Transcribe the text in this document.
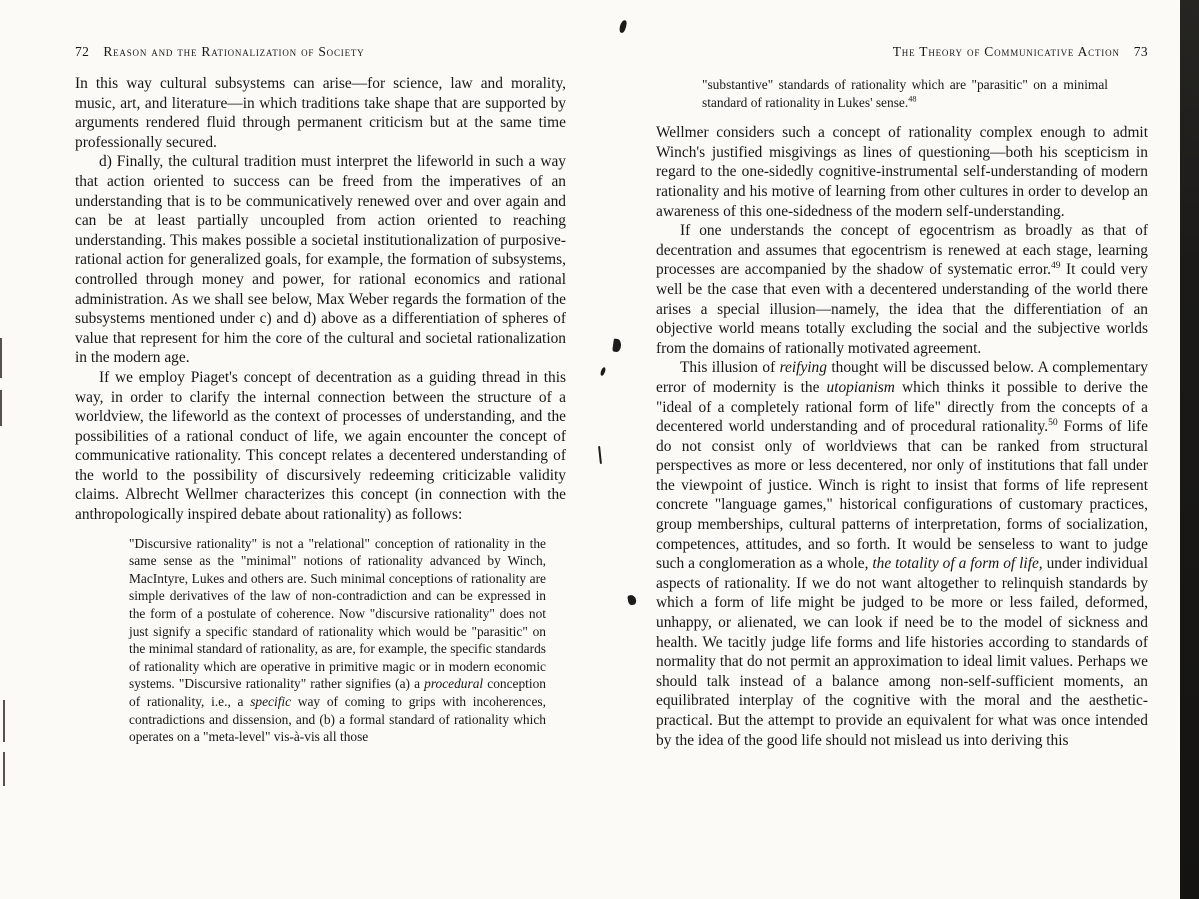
72 Reason and the Rationalization of Society

In this way cultural subsystems can arise—for science, law and morality, music, art, and literature—in which traditions take shape that are supported by arguments rendered fluid through permanent criticism but at the same time professionally secured.

d) Finally, the cultural tradition must interpret the lifeworld in such a way that action oriented to success can be freed from the imperatives of an understanding that is to be communicatively renewed over and over again and can be at least partially uncoupled from action oriented to reaching understanding. This makes possible a societal institutionalization of purposive-rational action for generalized goals, for example, the formation of subsystems, controlled through money and power, for rational economics and rational administration. As we shall see below, Max Weber regards the formation of the subsystems mentioned under c) and d) above as a differentiation of spheres of value that represent for him the core of the cultural and societal rationalization in the modern age.

If we employ Piaget's concept of decentration as a guiding thread in this way, in order to clarify the internal connection between the structure of a worldview, the lifeworld as the context of processes of understanding, and the possibilities of a rational conduct of life, we again encounter the concept of communicative rationality. This concept relates a decentered understanding of the world to the possibility of discursively redeeming criticizable validity claims. Albrecht Wellmer characterizes this concept (in connection with the anthropologically inspired debate about rationality) as follows:

"Discursive rationality" is not a "relational" conception of rationality in the same sense as the "minimal" notions of rationality advanced by Winch, MacIntyre, Lukes and others are. Such minimal conceptions of rationality are simple derivatives of the law of non-contradiction and can be expressed in the form of a postulate of coherence. Now "discursive rationality" does not just signify a specific standard of rationality which would be "parasitic" on the minimal standard of rationality, as are, for example, the specific standards of rationality which are operative in primitive magic or in modern economic systems. "Discursive rationality" rather signifies (a) a procedural conception of rationality, i.e., a specific way of coming to grips with incoherences, contradictions and dissension, and (b) a formal standard of rationality which operates on a "meta-level" vis-à-vis all those

The Theory of Communicative Action 73

"substantive" standards of rationality which are "parasitic" on a minimal standard of rationality in Lukes' sense.$^{48}$

Wellmer considers such a concept of rationality complex enough to admit Winch's justified misgivings as lines of questioning—both his scepticism in regard to the one-sidedly cognitive-instrumental self-understanding of modern rationality and his motive of learning from other cultures in order to develop an awareness of this one-sidedness of the modern self-understanding.

If one understands the concept of egocentrism as broadly as that of decentration and assumes that egocentrism is renewed at each stage, learning processes are accompanied by the shadow of systematic error.$^{49}$ It could very well be the case that even with a decentered understanding of the world there arises a special illusion—namely, the idea that the differentiation of an objective world means totally excluding the social and the subjective worlds from the domains of rationally motivated agreement.

This illusion of reifying thought will be discussed below. A complementary error of modernity is the utopianism which thinks it possible to derive the "ideal of a completely rational form of life" directly from the concepts of a decentered world understanding and of procedural rationality.$^{50}$ Forms of life do not consist only of worldviews that can be ranked from structural perspectives as more or less decentered, nor only of institutions that fall under the viewpoint of justice. Winch is right to insist that forms of life represent concrete "language games," historical configurations of customary practices, group memberships, cultural patterns of interpretation, forms of socialization, competences, attitudes, and so forth. It would be senseless to want to judge such a conglomeration as a whole, the totality of a form of life, under individual aspects of rationality. If we do not want altogether to relinquish standards by which a form of life might be judged to be more or less failed, deformed, unhappy, or alienated, we can look if need be to the model of sickness and health. We tacitly judge life forms and life histories according to standards of normality that do not permit an approximation to ideal limit values. Perhaps we should talk instead of a balance among non-self-sufficient moments, an equilibrated interplay of the cognitive with the moral and the aesthetic-practical. But the attempt to provide an equivalent for what was once intended by the idea of the good life should not mislead us into deriving this
